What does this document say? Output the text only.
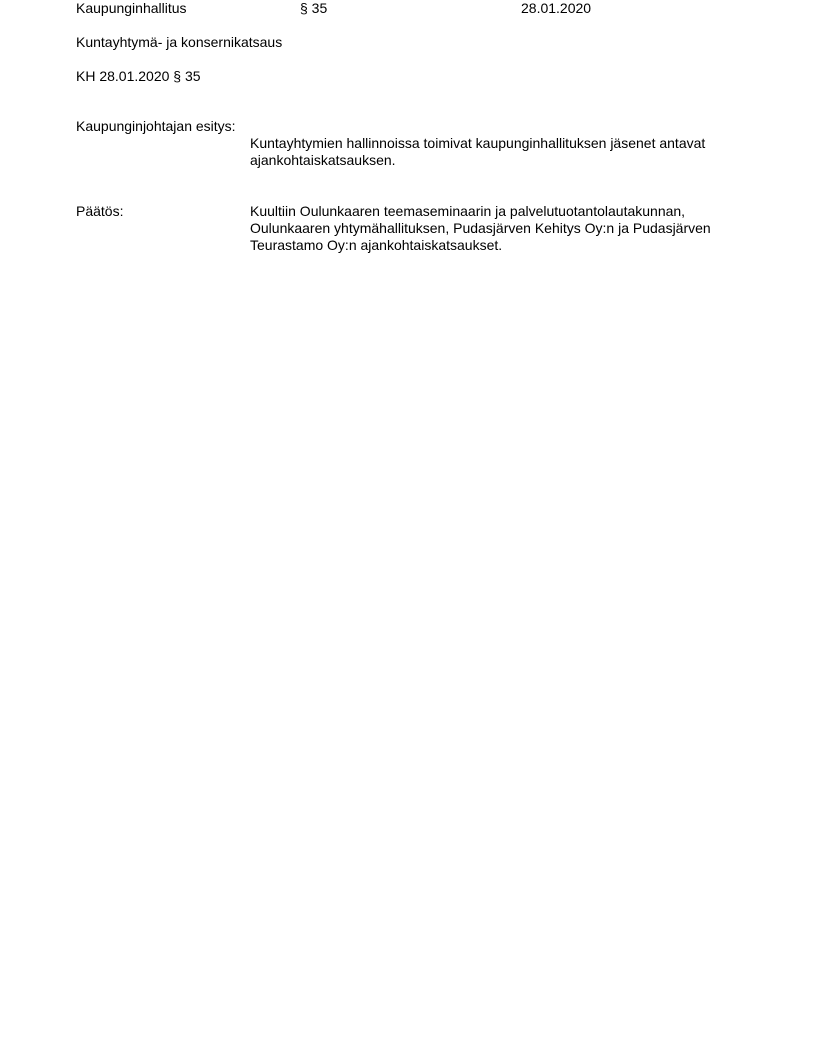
Kaupunginhallitus	§ 35	28.01.2020
Kuntayhtymä- ja konsernikatsaus
KH 28.01.2020 § 35
Kaupunginjohtajan esitys:
Kuntayhtymien hallinnoissa toimivat kaupunginhallituksen jäsenet antavat
ajankohtaiskatsauksen.
Päätös:	Kuultiin Oulunkaaren teemaseminaarin ja palvelutuotantolautakunnan,
Oulunkaaren yhtymähallituksen, Pudasjärven Kehitys Oy:n ja Pudasjärven
Teurastamo Oy:n ajankohtaiskatsaukset.
